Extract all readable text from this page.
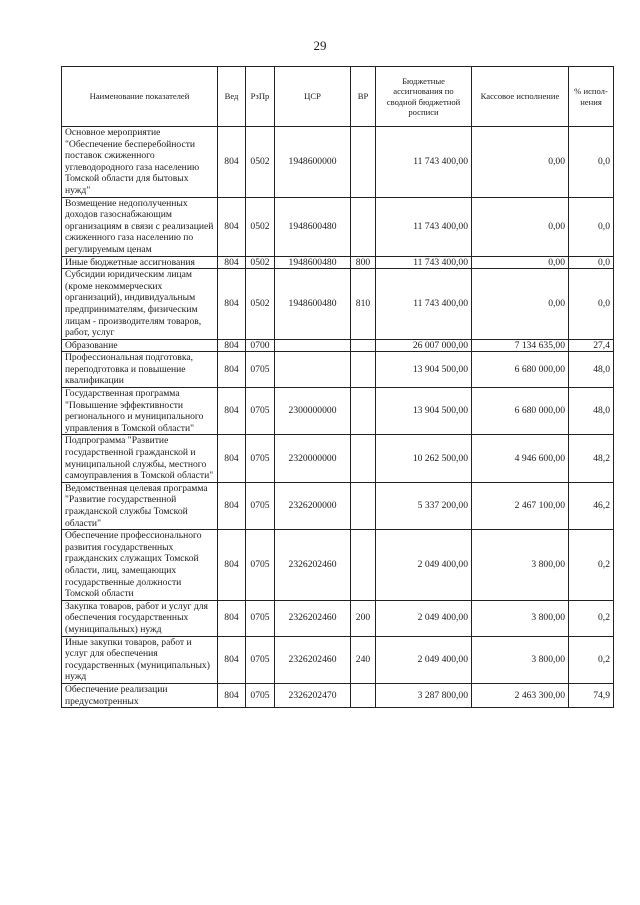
29
Наименование показателей	Вед	РзПр	ЦСР	ВР	Бюджетные ассигнования по сводной бюджетной росписи	Кассовое исполнение	% испол-нения
Основное мероприятие "Обеспечение бесперебойности поставок сжиженного углеводородного газа населению Томской области для бытовых нужд"	804	0502	1948600000		11 743 400,00	0,00	0,0
Возмещение недополученных доходов газоснабжающим организациям в связи с реализацией сжиженного газа населению по регулируемым ценам	804	0502	1948600480		11 743 400,00	0,00	0,0
Иные бюджетные ассигнования	804	0502	1948600480	800	11 743 400,00	0,00	0,0
Субсидии юридическим лицам (кроме некоммерческих организаций), индивидуальным предпринимателям, физическим лицам - производителям товаров, работ, услуг	804	0502	1948600480	810	11 743 400,00	0,00	0,0
Образование	804	0700			26 007 000,00	7 134 635,00	27,4
Профессиональная подготовка, переподготовка и повышение квалификации	804	0705			13 904 500,00	6 680 000,00	48,0
Государственная программа "Повышение эффективности регионального и муниципального управления в Томской области"	804	0705	2300000000		13 904 500,00	6 680 000,00	48,0
Подпрограмма "Развитие государственной гражданской и муниципальной службы, местного самоуправления в Томской области"	804	0705	2320000000		10 262 500,00	4 946 600,00	48,2
Ведомственная целевая программа "Развитие государственной гражданской службы Томской области"	804	0705	2326200000		5 337 200,00	2 467 100,00	46,2
Обеспечение профессионального развития государственных гражданских служащих Томской области, лиц, замещающих государственные должности Томской области	804	0705	2326202460		2 049 400,00	3 800,00	0,2
Закупка товаров, работ и услуг для обеспечения государственных (муниципальных) нужд	804	0705	2326202460	200	2 049 400,00	3 800,00	0,2
Иные закупки товаров, работ и услуг для обеспечения государственных (муниципальных) нужд	804	0705	2326202460	240	2 049 400,00	3 800,00	0,2
Обеспечение реализации предусмотренных	804	0705	2326202470		3 287 800,00	2 463 300,00	74,9
